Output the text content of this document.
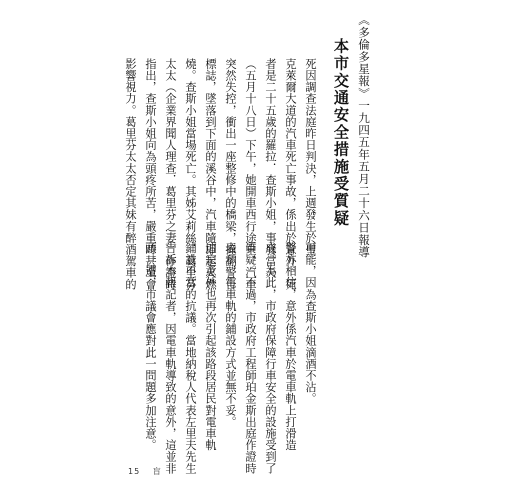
《多倫多星報》一九四五年五月二十六日報導
本市交通安全措施受質疑
死因調查法庭昨日判決，上週發生於聖
克萊爾大道的汽車死亡事故，係出於意外。死
者是二十五歲的羅拉．查斯小姐，事發當天
（五月十八日）下午，她開車西行途中，汽車
突然失控，衝出一座整修中的橋梁，撞翻警告
標誌，墜落到下面的溪谷中，汽車隨即起火燃
燒。查斯小姐當場死亡。其姊艾莉絲．葛里芬
太太（企業界聞人理查．葛里芬之妻）作證時
指出，查斯小姐向為頭疼所苦，嚴重時甚至會
影響視力。葛里芬太太否定其妹有醉酒駕車的
可能，因為查斯小姐滴酒不沾。
警方相信，意外係汽車於電車軌上打滑造
成。為此，市政府保障行車安全的設施受到了
質疑。不過，市政府工程師珀金斯出庭作證時
表示，電車軌的鋪設方式並無不妥。
這宗意外也再次引起該路段居民對電車軌
鋪設不當的抗議。當地納稅人代表左里夫先生
告訴本報記者，因電車軌導致的意外，這並非
頭一遭，市議會應對此一問題多加注意。
15 　盲
